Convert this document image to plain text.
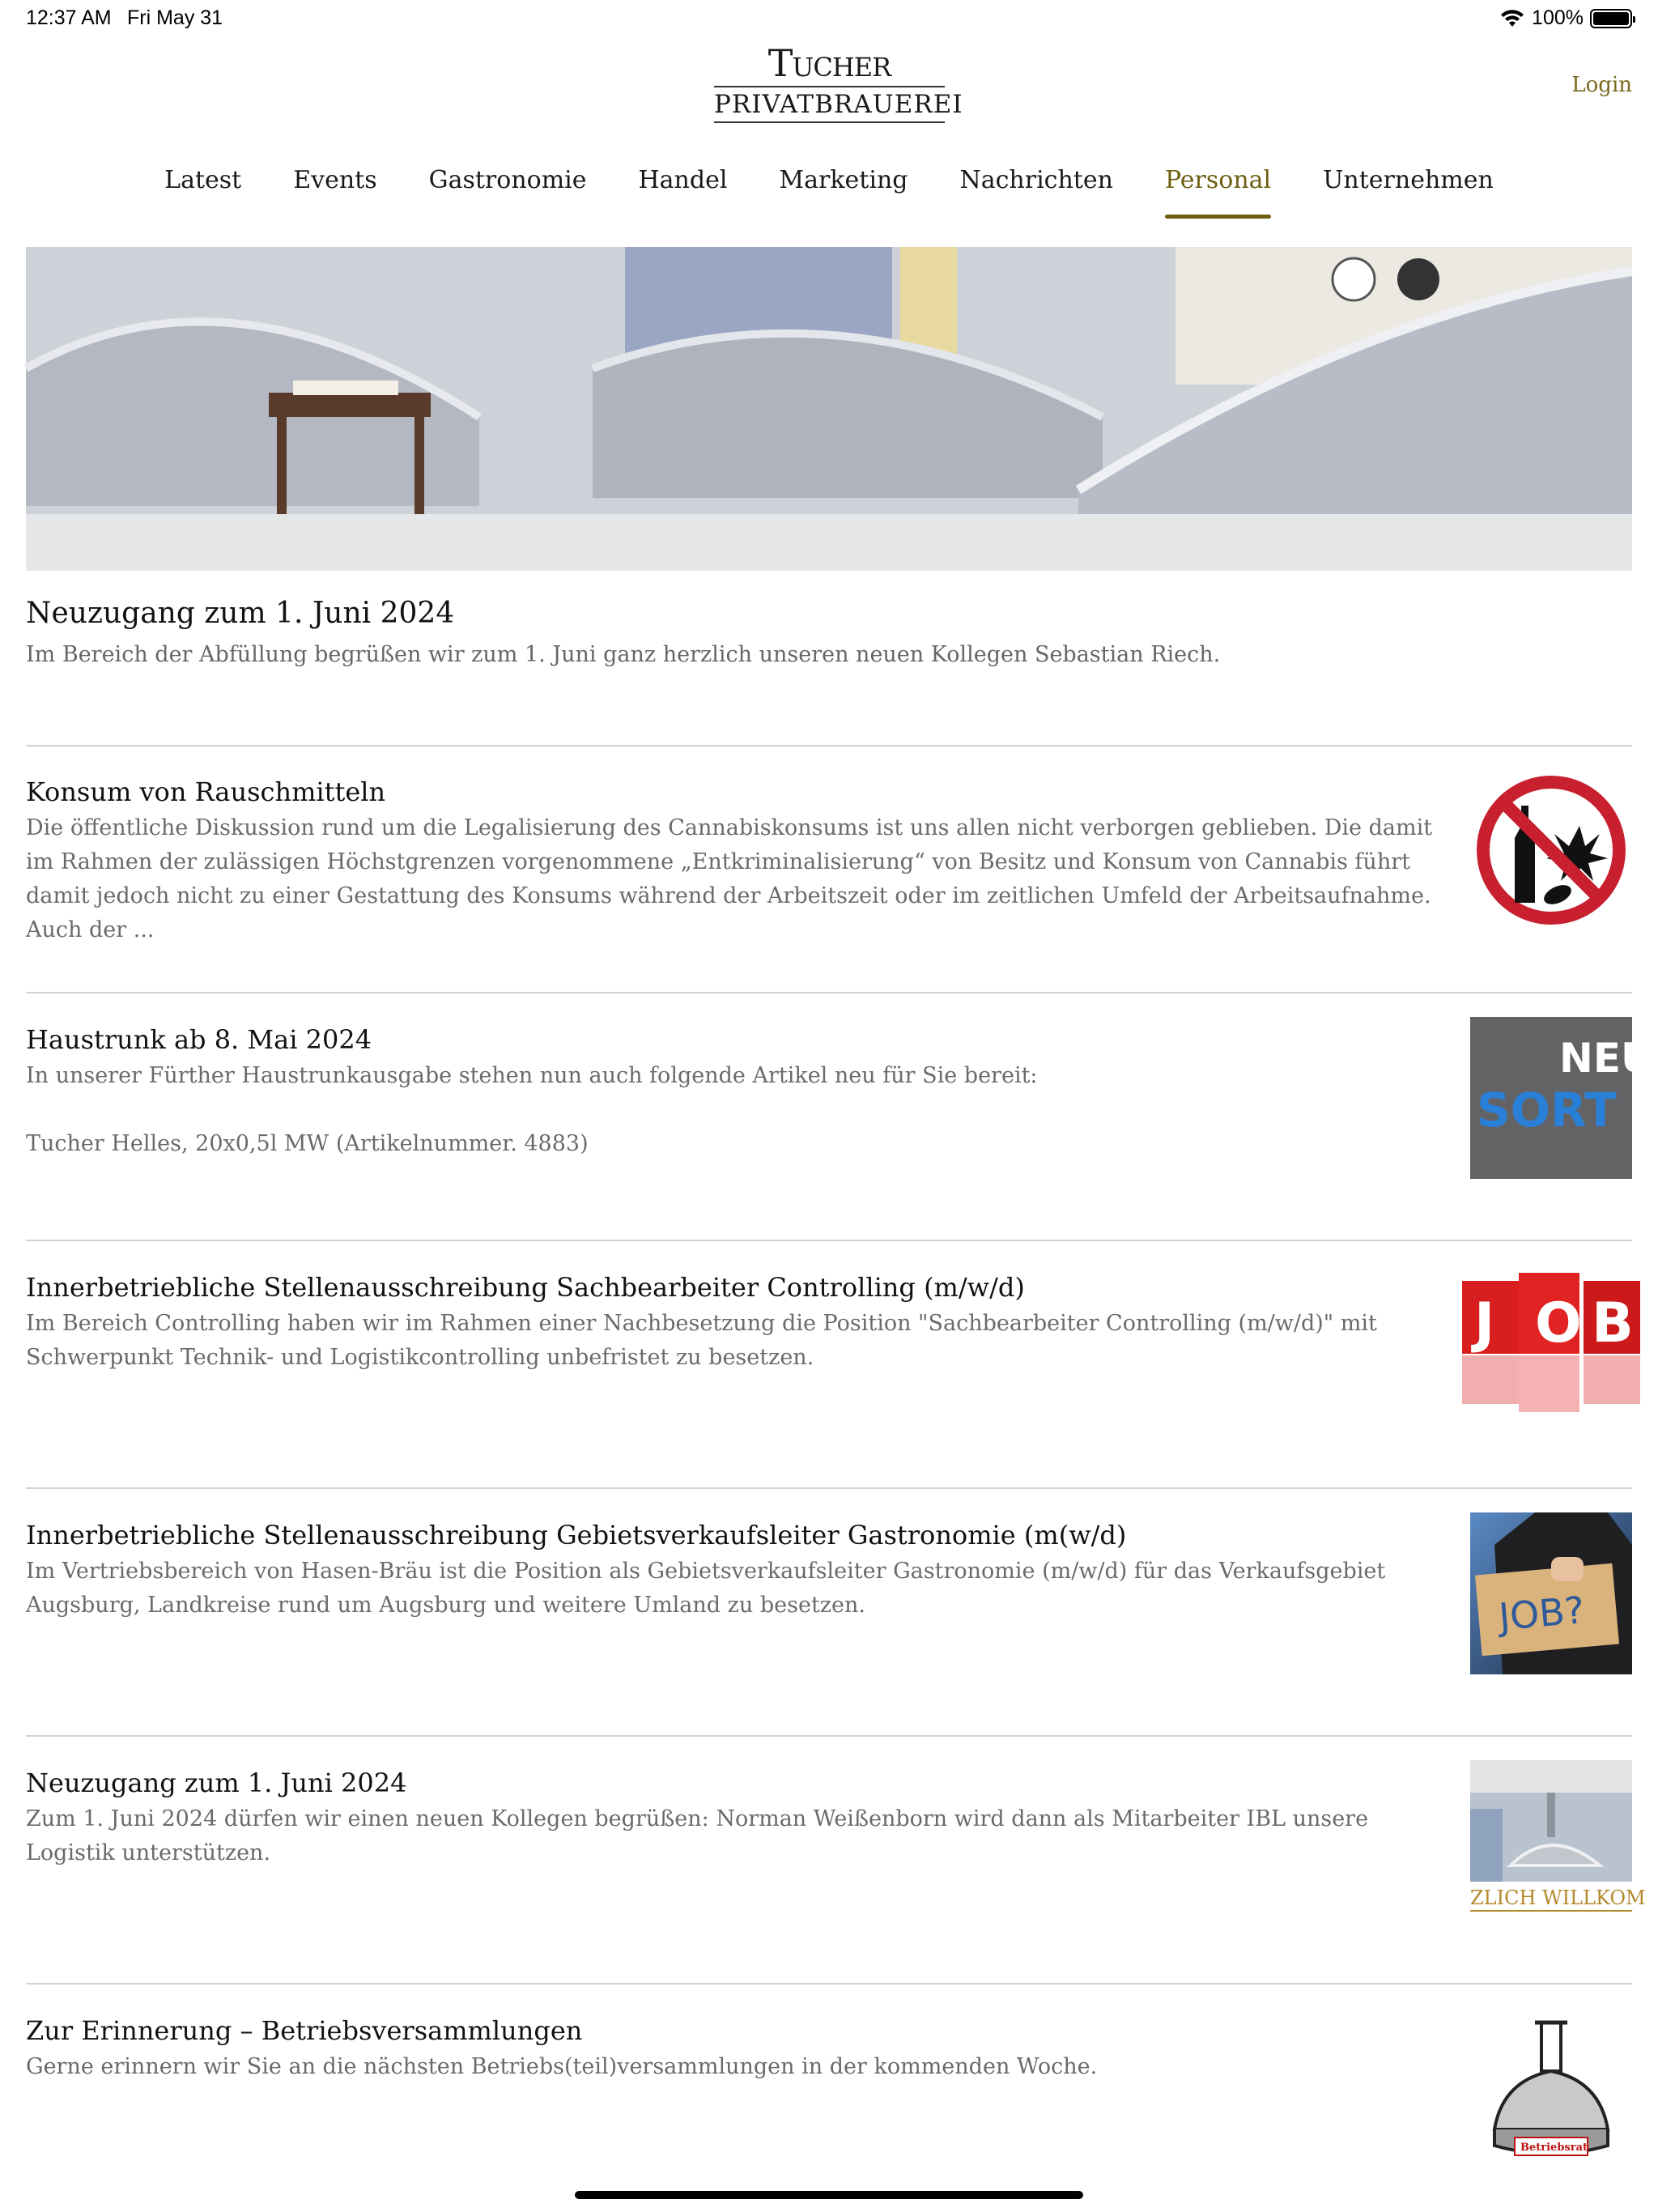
12:37 AM Fri May 31	100%
Tucher
PRIVATBRAUEREI
Login
Latest	Events	Gastronomie	Handel	Marketing	Nachrichten	Personal	Unternehmen
Neuzugang zum 1. Juni 2024
Im Bereich der Abfüllung begrüßen wir zum 1. Juni ganz herzlich unseren neuen Kollegen Sebastian Riech.
Konsum von Rauschmitteln
Die öffentliche Diskussion rund um die Legalisierung des Cannabiskonsums ist uns allen nicht verborgen geblieben. Die damit im Rahmen der zulässigen Höchstgrenzen vorgenommene „Entkriminalisierung“ von Besitz und Konsum von Cannabis führt damit jedoch nicht zu einer Gestattung des Konsums während der Arbeitszeit oder im zeitlichen Umfeld der Arbeitsaufnahme. Auch der ...
Haustrunk ab 8. Mai 2024
In unserer Fürther Haustrunkausgabe stehen nun auch folgende Artikel neu für Sie bereit:

Tucher Helles, 20x0,5l MW (Artikelnummer. 4883)
NEU
SORT
Innerbetriebliche Stellenausschreibung Sachbearbeiter Controlling (m/w/d)
Im Bereich Controlling haben wir im Rahmen einer Nachbesetzung die Position "Sachbearbeiter Controlling (m/w/d)" mit Schwerpunkt Technik- und Logistikcontrolling unbefristet zu besetzen.
O B
J
Innerbetriebliche Stellenausschreibung Gebietsverkaufsleiter Gastronomie (m(w/d)
Im Vertriebsbereich von Hasen-Bräu ist die Position als Gebietsverkaufsleiter Gastronomie (m/w/d) für das Verkaufsgebiet Augsburg, Landkreise rund um Augsburg und weitere Umland zu besetzen.	JOB?
Neuzugang zum 1. Juni 2024
Zum 1. Juni 2024 dürfen wir einen neuen Kollegen begrüßen: Norman Weißenborn wird dann als Mitarbeiter IBL unsere Logistik unterstützen.
ZLICH WILLKOM
Zur Erinnerung – Betriebsversammlungen
Gerne erinnern wir Sie an die nächsten Betriebs(teil)versammlungen in der kommenden Woche.
Betriebsrat
